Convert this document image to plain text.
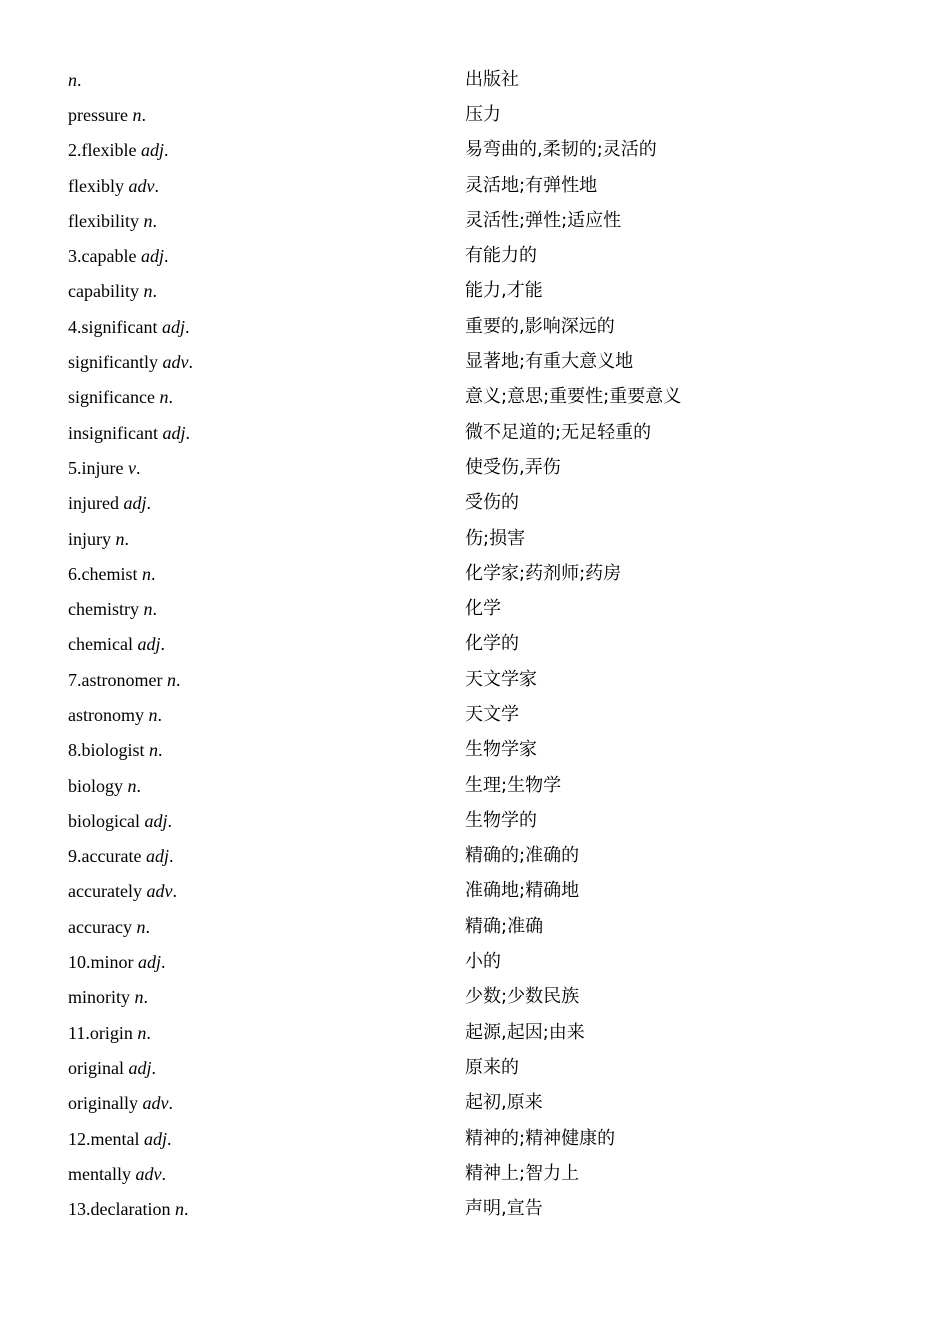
n.	出版社
pressure n.	压力
2.flexible adj.	易弯曲的,柔韧的;灵活的
flexibly adv.	灵活地;有弹性地
flexibility n.	灵活性;弹性;适应性
3.capable adj.	有能力的
capability n.	能力,才能
4.significant adj.	重要的,影响深远的
significantly adv.	显著地;有重大意义地
significance n.	意义;意思;重要性;重要意义
insignificant adj.	微不足道的;无足轻重的
5.injure v.	使受伤,弄伤
injured adj.	受伤的
injury n.	伤;损害
6.chemist n.	化学家;药剂师;药房
chemistry n.	化学
chemical adj.	化学的
7.astronomer n.	天文学家
astronomy n.	天文学
8.biologist n.	生物学家
biology n.	生理;生物学
biological adj.	生物学的
9.accurate adj.	精确的;准确的
accurately adv.	准确地;精确地
accuracy n.	精确;准确
10.minor adj.	小的
minority n.	少数;少数民族
11.origin n.	起源,起因;由来
original adj.	原来的
originally adv.	起初,原来
12.mental adj.	精神的;精神健康的
mentally adv.	精神上;智力上
13.declaration n.	声明,宣告
